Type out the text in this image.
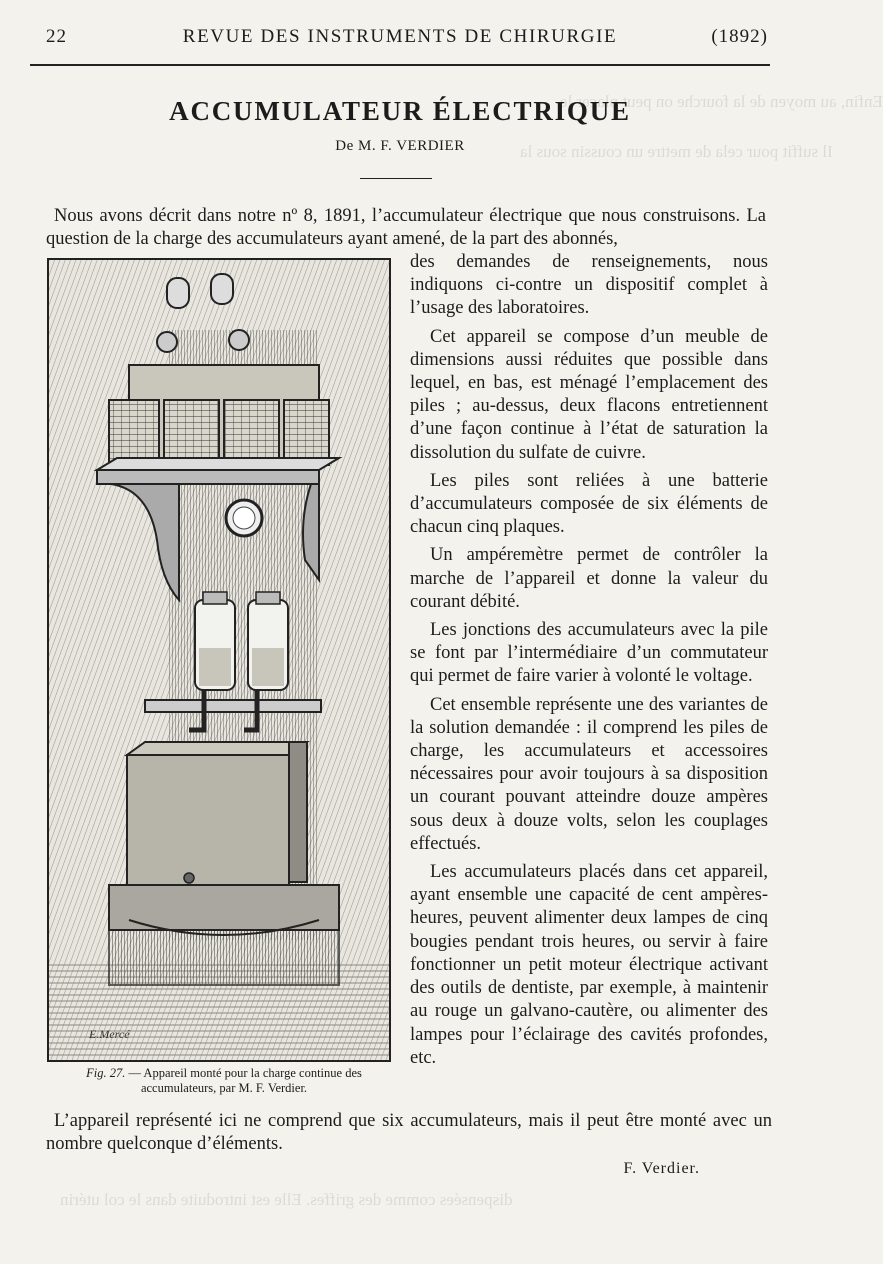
Enfin, au moyen de la fourche on peut placer le
Il suffit pour cela de mettre un coussin sous la
dispensées comme des griffes. Elle est introduite dans le col utérin
22	REVUE DES INSTRUMENTS DE CHIRURGIE	(1892)
ACCUMULATEUR ÉLECTRIQUE
De M. F. VERDIER
Nous avons décrit dans notre nº 8, 1891, l’accumulateur électrique que nous construisons. La question de la charge des accumulateurs ayant amené, de la part des abonnés,
E.Mercé

des demandes de renseignements, nous indiquons ci-contre un dispositif complet à l’usage des laboratoires.

Cet appareil se compose d’un meuble de dimensions aussi réduites que possible dans lequel, en bas, est ménagé l’emplacement des piles ; au-dessus, deux flacons entretiennent d’une façon continue à l’état de saturation la dissolution du sulfate de cuivre.

Les piles sont reliées à une batterie d’accumulateurs composée de six éléments de chacun cinq plaques.

Un ampéremètre permet de contrôler la marche de l’appareil et donne la valeur du courant débité.

Les jonctions des accumulateurs avec la pile se font par l’intermédiaire d’un commutateur qui permet de faire varier à volonté le voltage.

Cet ensemble représente une des variantes de la solution demandée : il comprend les piles de charge, les accumulateurs et accessoires nécessaires pour avoir toujours à sa disposition un courant pouvant atteindre douze ampères sous deux à douze volts, selon les couplages effectués.

Les accumulateurs placés dans cet appareil, ayant ensemble une capacité de cent ampères-heures, peuvent alimenter deux lampes de cinq bougies pendant trois heures, ou servir à faire fonctionner un petit moteur électrique activant des outils de dentiste, par exemple, à maintenir au rouge un galvano-cautère, ou alimenter des lampes pour l’éclairage des cavités profondes, etc.

Fig. 27. — Appareil monté pour la charge continue des accumulateurs, par M. F. Verdier.

L’appareil représenté ici ne comprend que six accumulateurs, mais il peut être monté avec un nombre quelconque d’éléments.

F. Verdier.
